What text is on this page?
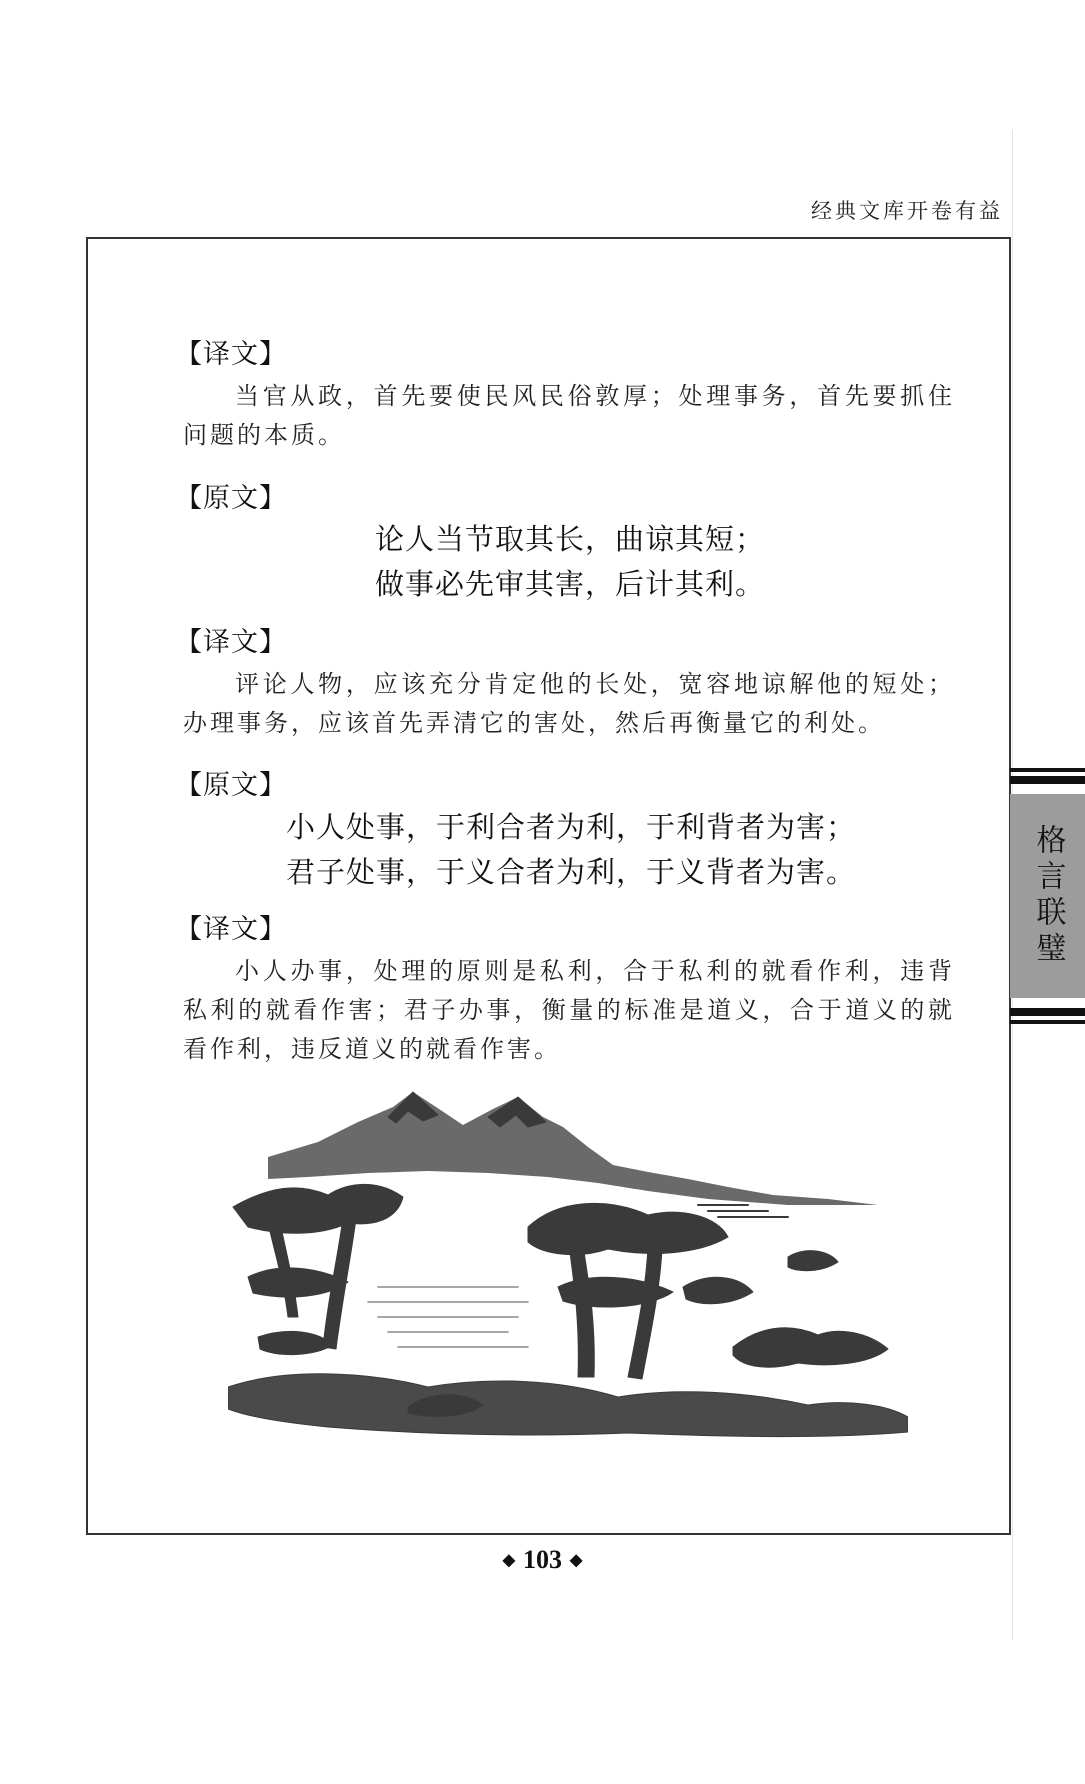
经典文库开卷有益
【译文】
当官从政，首先要使民风民俗敦厚；处理事务，首先要抓住问题的本质。
【原文】
论人当节取其长，曲谅其短；
做事必先审其害，后计其利。
【译文】
评论人物，应该充分肯定他的长处，宽容地谅解他的短处；办理事务，应该首先弄清它的害处，然后再衡量它的利处。
【原文】
小人处事，于利合者为利，于利背者为害；
君子处事，于义合者为利，于义背者为害。
【译文】
小人办事，处理的原则是私利，合于私利的就看作利，违背私利的就看作害；君子办事，衡量的标准是道义，合于道义的就看作利，违反道义的就看作害。
◆ 103 ◆
格言联璧
